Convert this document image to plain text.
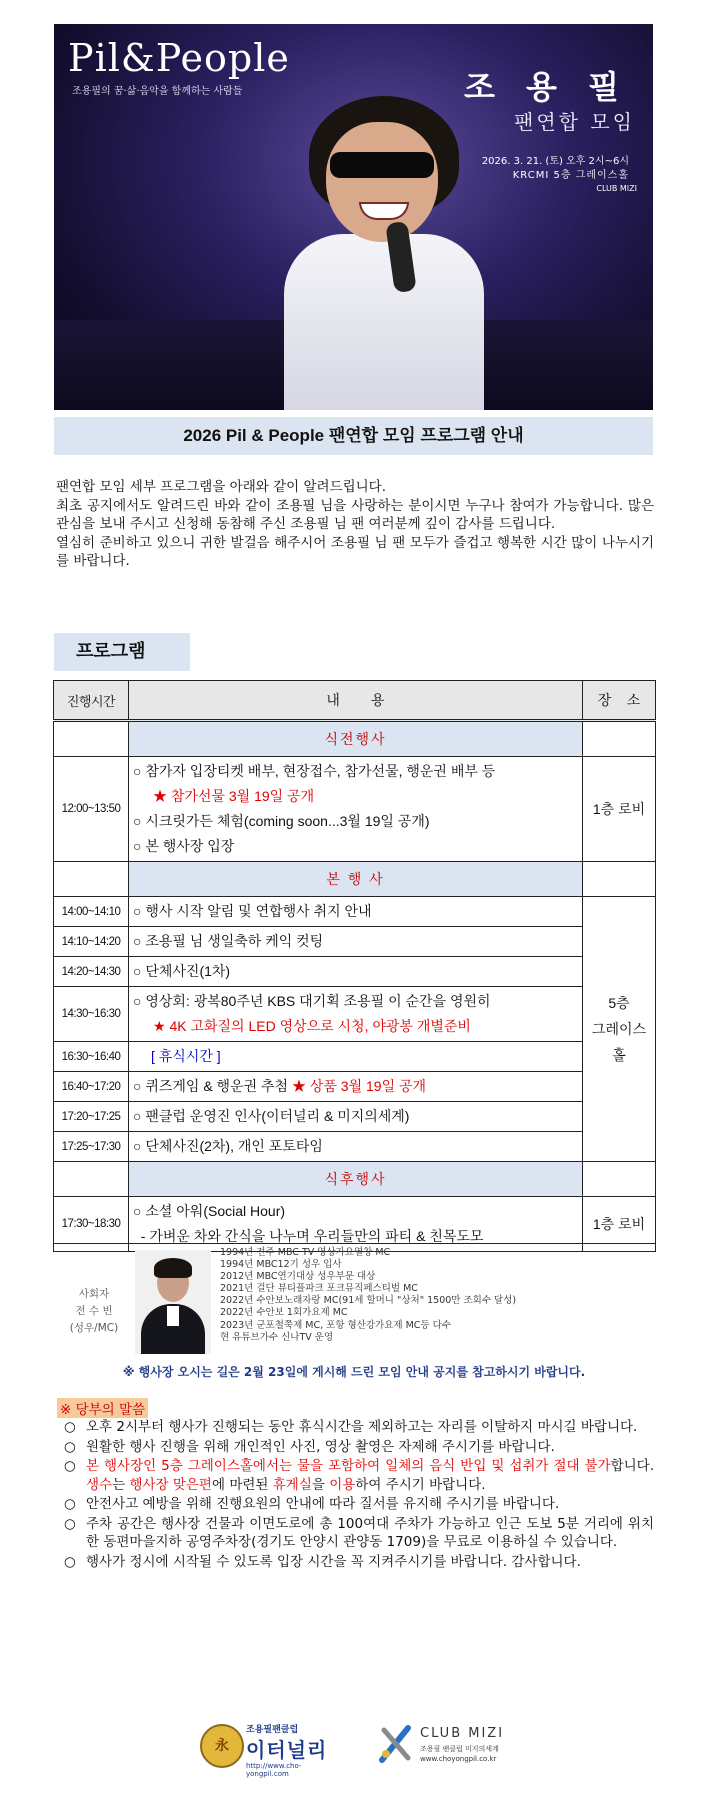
Pil&People
조용필의 꿈·삶·음악을 함께하는 사람들	조 용 필
팬연합 모임
2026. 3. 21. (토) 오후 2시~6시
KRCMI 5층 그레이스홀
CLUB MIZI
2026 Pil & People 팬연합 모임 프로그램 안내

팬연합 모임 세부 프로그램을 아래와 같이 알려드립니다.

최초 공지에서도 알려드린 바와 같이 조용필 님을 사랑하는 분이시면 누구나 참여가 가능합니다. 많은 관심을 보내 주시고 신청해 동참해 주신 조용필 님 팬 여러분께 깊이 감사를 드립니다.

열심히 준비하고 있으니 귀한 발걸음 해주시어 조용필 님 팬 모두가 즐겁고 행복한 시간 많이 나누시기를 바랍니다.

프로그램
진행시간	내        용	장    소
	식전행사	
12:00~13:50	○ 참가자 입장티켓 배부, 현장접수, 참가선물, 행운권 배부 등
★ 참가선물 3월 19일 공개
○ 시크릿가든 체험(coming soon...3월 19일 공개)
○ 본 행사장 입장	1층 로비
	본 행 사	
14:00~14:10	○ 행사 시작 알림 및 연합행사 취지 안내	5층
그레이스
홀

14:10~14:20	○ 조용필 님 생일축하 케익 컷팅	
14:20~14:30	○ 단체사진(1차)	
14:30~16:30	○ 영상회: 광복80주년 KBS 대기획 조용필 이 순간을 영원히
★ 4K 고화질의 LED 영상으로 시청, 야광봉 개별준비	

16:30~16:40	[ 휴식시간 ]	
16:40~17:20	○ 퀴즈게임 & 행운권 추첨 ★ 상품 3월 19일 공개	
17:20~17:25	○ 팬클럽 운영진 인사(이터널리 & 미지의세계)	
17:25~17:30	○ 단체사진(2차), 개인 포토타임	
	식후행사	
17:30~18:30	○ 소셜 아워(Social Hour)
- 가벼운 차와 간식을 나누며 우리들만의 파티 & 친목도모	1층 로비
사회자
전 수 빈
(성우/MC)
1994년 전주 MBC TV 영상가요열창 MC
1994년 MBC12기 성우 입사
2012년 MBC연기대상 성우부문 대상
2021년 걸단 뷰티플파크 포크뮤직페스티벌 MC
2022년 수안보노래자랑 MC(91세 할머니 "상처" 1500만 조회수 달성)
2022년 수안보 1회가요제 MC
2023년 군포철쭉제 MC, 포항 형산강가요제 MC등 다수
현 유튜브가수 신나TV 운영
※ 행사장 오시는 길은 2월 23일에 게시해 드린 모임 안내 공지를 참고하시기 바랍니다.
※ 당부의 말씀
○ 오후 2시부터 행사가 진행되는 동안 휴식시간을 제외하고는 자리를 이탈하지 마시길 바랍니다.
○ 원활한 행사 진행을 위해 개인적인 사진, 영상 촬영은 자제해 주시기를 바랍니다.
○ 본 행사장인 5층 그레이스홀에서는 물을 포함하여 일체의 음식 반입 및 섭취가 절대 불가합니다. 생수는 행사장 맞은편에 마련된 휴게실을 이용하여 주시기 바랍니다.
○ 안전사고 예방을 위해 진행요원의 안내에 따라 질서를 유지해 주시기를 바랍니다.
○ 주차 공간은 행사장 건물과 이면도로에 총 100여대 주차가 가능하고 인근 도보 5분 거리에 위치한 동편마을지하 공영주차장(경기도 안양시 관양동 1709)을 무료로 이용하실 수 있습니다.
○ 행사가 정시에 시작될 수 있도록 입장 시간을 꼭 지켜주시기를 바랍니다. 감사합니다.
永
조용필팬클럽
이터널리
http://www.cho-yongpil.com
CLUB MIZI
조용필 팬클럽 미지의세계
www.choyongpil.co.kr
